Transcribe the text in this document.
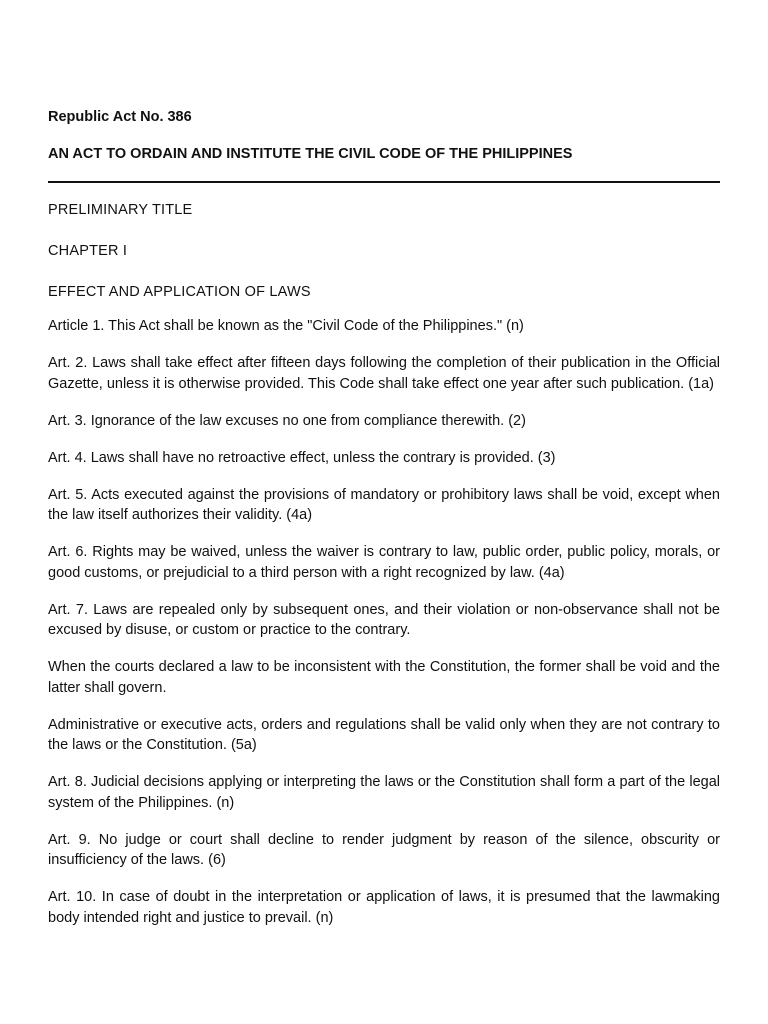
Republic Act No. 386

AN ACT TO ORDAIN AND INSTITUTE THE CIVIL CODE OF THE PHILIPPINES

PRELIMINARY TITLE

CHAPTER I

EFFECT AND APPLICATION OF LAWS

Article 1. This Act shall be known as the "Civil Code of the Philippines." (n)

Art. 2. Laws shall take effect after fifteen days following the completion of their publication in the Official Gazette, unless it is otherwise provided. This Code shall take effect one year after such publication. (1a)

Art. 3. Ignorance of the law excuses no one from compliance therewith. (2)

Art. 4. Laws shall have no retroactive effect, unless the contrary is provided. (3)

Art. 5. Acts executed against the provisions of mandatory or prohibitory laws shall be void, except when the law itself authorizes their validity. (4a)

Art. 6. Rights may be waived, unless the waiver is contrary to law, public order, public policy, morals, or good customs, or prejudicial to a third person with a right recognized by law. (4a)

Art. 7. Laws are repealed only by subsequent ones, and their violation or non-observance shall not be excused by disuse, or custom or practice to the contrary.

When the courts declared a law to be inconsistent with the Constitution, the former shall be void and the latter shall govern.

Administrative or executive acts, orders and regulations shall be valid only when they are not contrary to the laws or the Constitution. (5a)

Art. 8. Judicial decisions applying or interpreting the laws or the Constitution shall form a part of the legal system of the Philippines. (n)

Art. 9. No judge or court shall decline to render judgment by reason of the silence, obscurity or insufficiency of the laws. (6)

Art. 10. In case of doubt in the interpretation or application of laws, it is presumed that the lawmaking body intended right and justice to prevail. (n)
